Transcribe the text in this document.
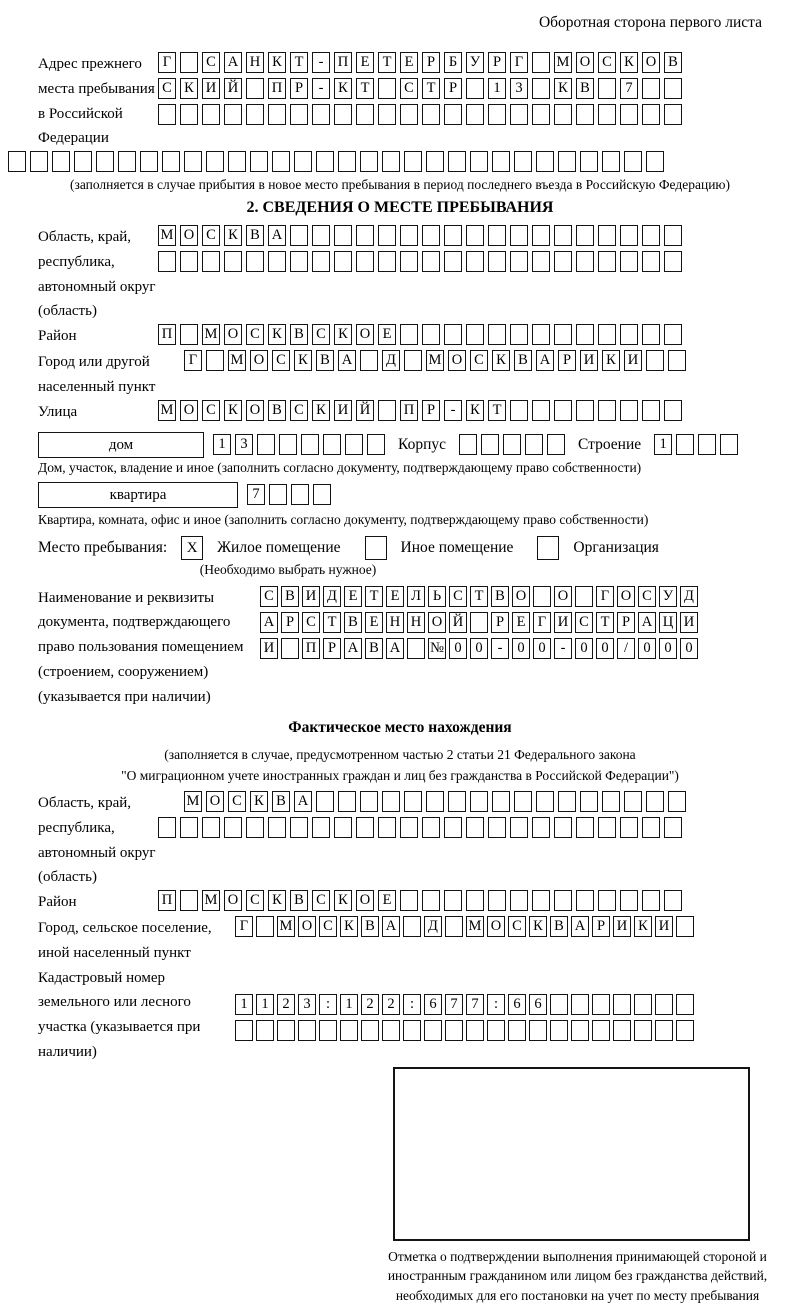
Оборотная сторона первого листа
Адрес прежнего места пребывания в Российской Федерации
Г	С А Н К Т	- П Е Т Е Р Б У Р Г	М О С К О В
С К И Й П Р	-	К Т	С Т Р	1	3	К В	7
(заполняется в случае прибытия в новое место пребывания в период последнего въезда в Российскую Федерацию)
2. СВЕДЕНИЯ О МЕСТЕ ПРЕБЫВАНИЯ
Область, край, республика, автономный округ (область)
М О С К В А
Район	П М О С К В С К О Е
Город или другой населенный пункт
Г	М О С К В А Д М О С К В А Р И К И
Улица	М О С К О В С К И Й П Р	-	К Т
дом	1	3	Корпус	Строение	1
Дом, участок, владение и иное (заполнить согласно документу, подтверждающему право собственности)
квартира	7
Квартира, комната, офис и иное (заполнить согласно документу, подтверждающему право собственности)
Место пребывания:	X	Жилое помещение	Иное помещение	Организация
(Необходимо выбрать нужное)
Наименование и реквизиты документа, подтверждающего право пользования помещением (строением, сооружением) (указывается при наличии)
С В И Д Е Т Е Л Ь С Т В О О	Г О С У Д
А Р С Т В Е Н Н О Й	Р Е Г И С Т Р А Ц И
И П Р А В А № 0 0	-	0 0	-	0 0	/	0 0 0
Фактическое место нахождения
(заполняется в случае, предусмотренном частью 2 статьи 21 Федерального закона
"О миграционном учете иностранных граждан и лиц без гражданства в Российской Федерации")
Область, край, республика, автономный округ (область)
М О С К В А
Район	П М О С К В С К О Е
Город, сельское поселение, иной населенный пункт
Г	М О С К В А Д М О С К В А Р И К И
Кадастровый номер земельного или лесного участка (указывается при наличии)
1 1 2 3	:	1 2 2	:	6 7 7	:	6 6
Отметка о подтверждении выполнения принимающей стороной и иностранным гражданином или лицом без гражданства действий, необходимых для его постановки на учет по месту пребывания
